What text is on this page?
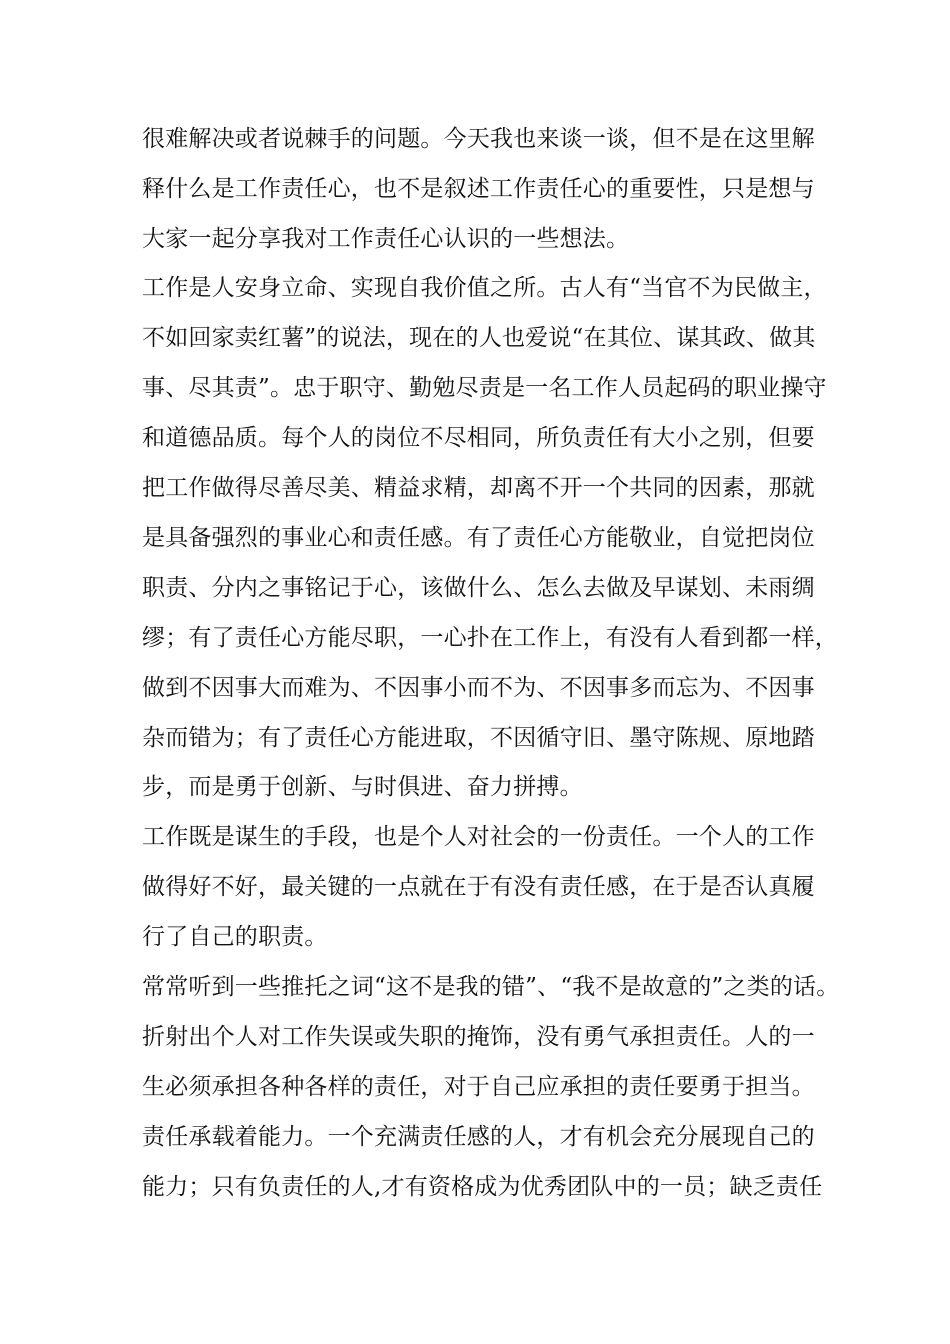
很难解决或者说棘手的问题。今天我也来谈一谈，但不是在这里解
释什么是工作责任心，也不是叙述工作责任心的重要性，只是想与
大家一起分享我对工作责任心认识的一些想法。
工作是人安身立命、实现自我价值之所。古人有“当官不为民做主，
不如回家卖红薯”的说法，现在的人也爱说“在其位、谋其政、做其
事、尽其责”。忠于职守、勤勉尽责是一名工作人员起码的职业操守
和道德品质。每个人的岗位不尽相同，所负责任有大小之别，但要
把工作做得尽善尽美、精益求精，却离不开一个共同的因素，那就
是具备强烈的事业心和责任感。有了责任心方能敬业，自觉把岗位
职责、分内之事铭记于心，该做什么、怎么去做及早谋划、未雨绸
缪；有了责任心方能尽职，一心扑在工作上，有没有人看到都一样，
做到不因事大而难为、不因事小而不为、不因事多而忘为、不因事
杂而错为；有了责任心方能进取，不因循守旧、墨守陈规、原地踏
步，而是勇于创新、与时俱进、奋力拼搏。
工作既是谋生的手段，也是个人对社会的一份责任。一个人的工作
做得好不好，最关键的一点就在于有没有责任感，在于是否认真履
行了自己的职责。
常常听到一些推托之词“这不是我的错”、“我不是故意的”之类的话。
折射出个人对工作失误或失职的掩饰，没有勇气承担责任。人的一
生必须承担各种各样的责任，对于自己应承担的责任要勇于担当。
责任承载着能力。一个充满责任感的人，才有机会充分展现自己的
能力；只有负责任的人,才有资格成为优秀团队中的一员；缺乏责任
